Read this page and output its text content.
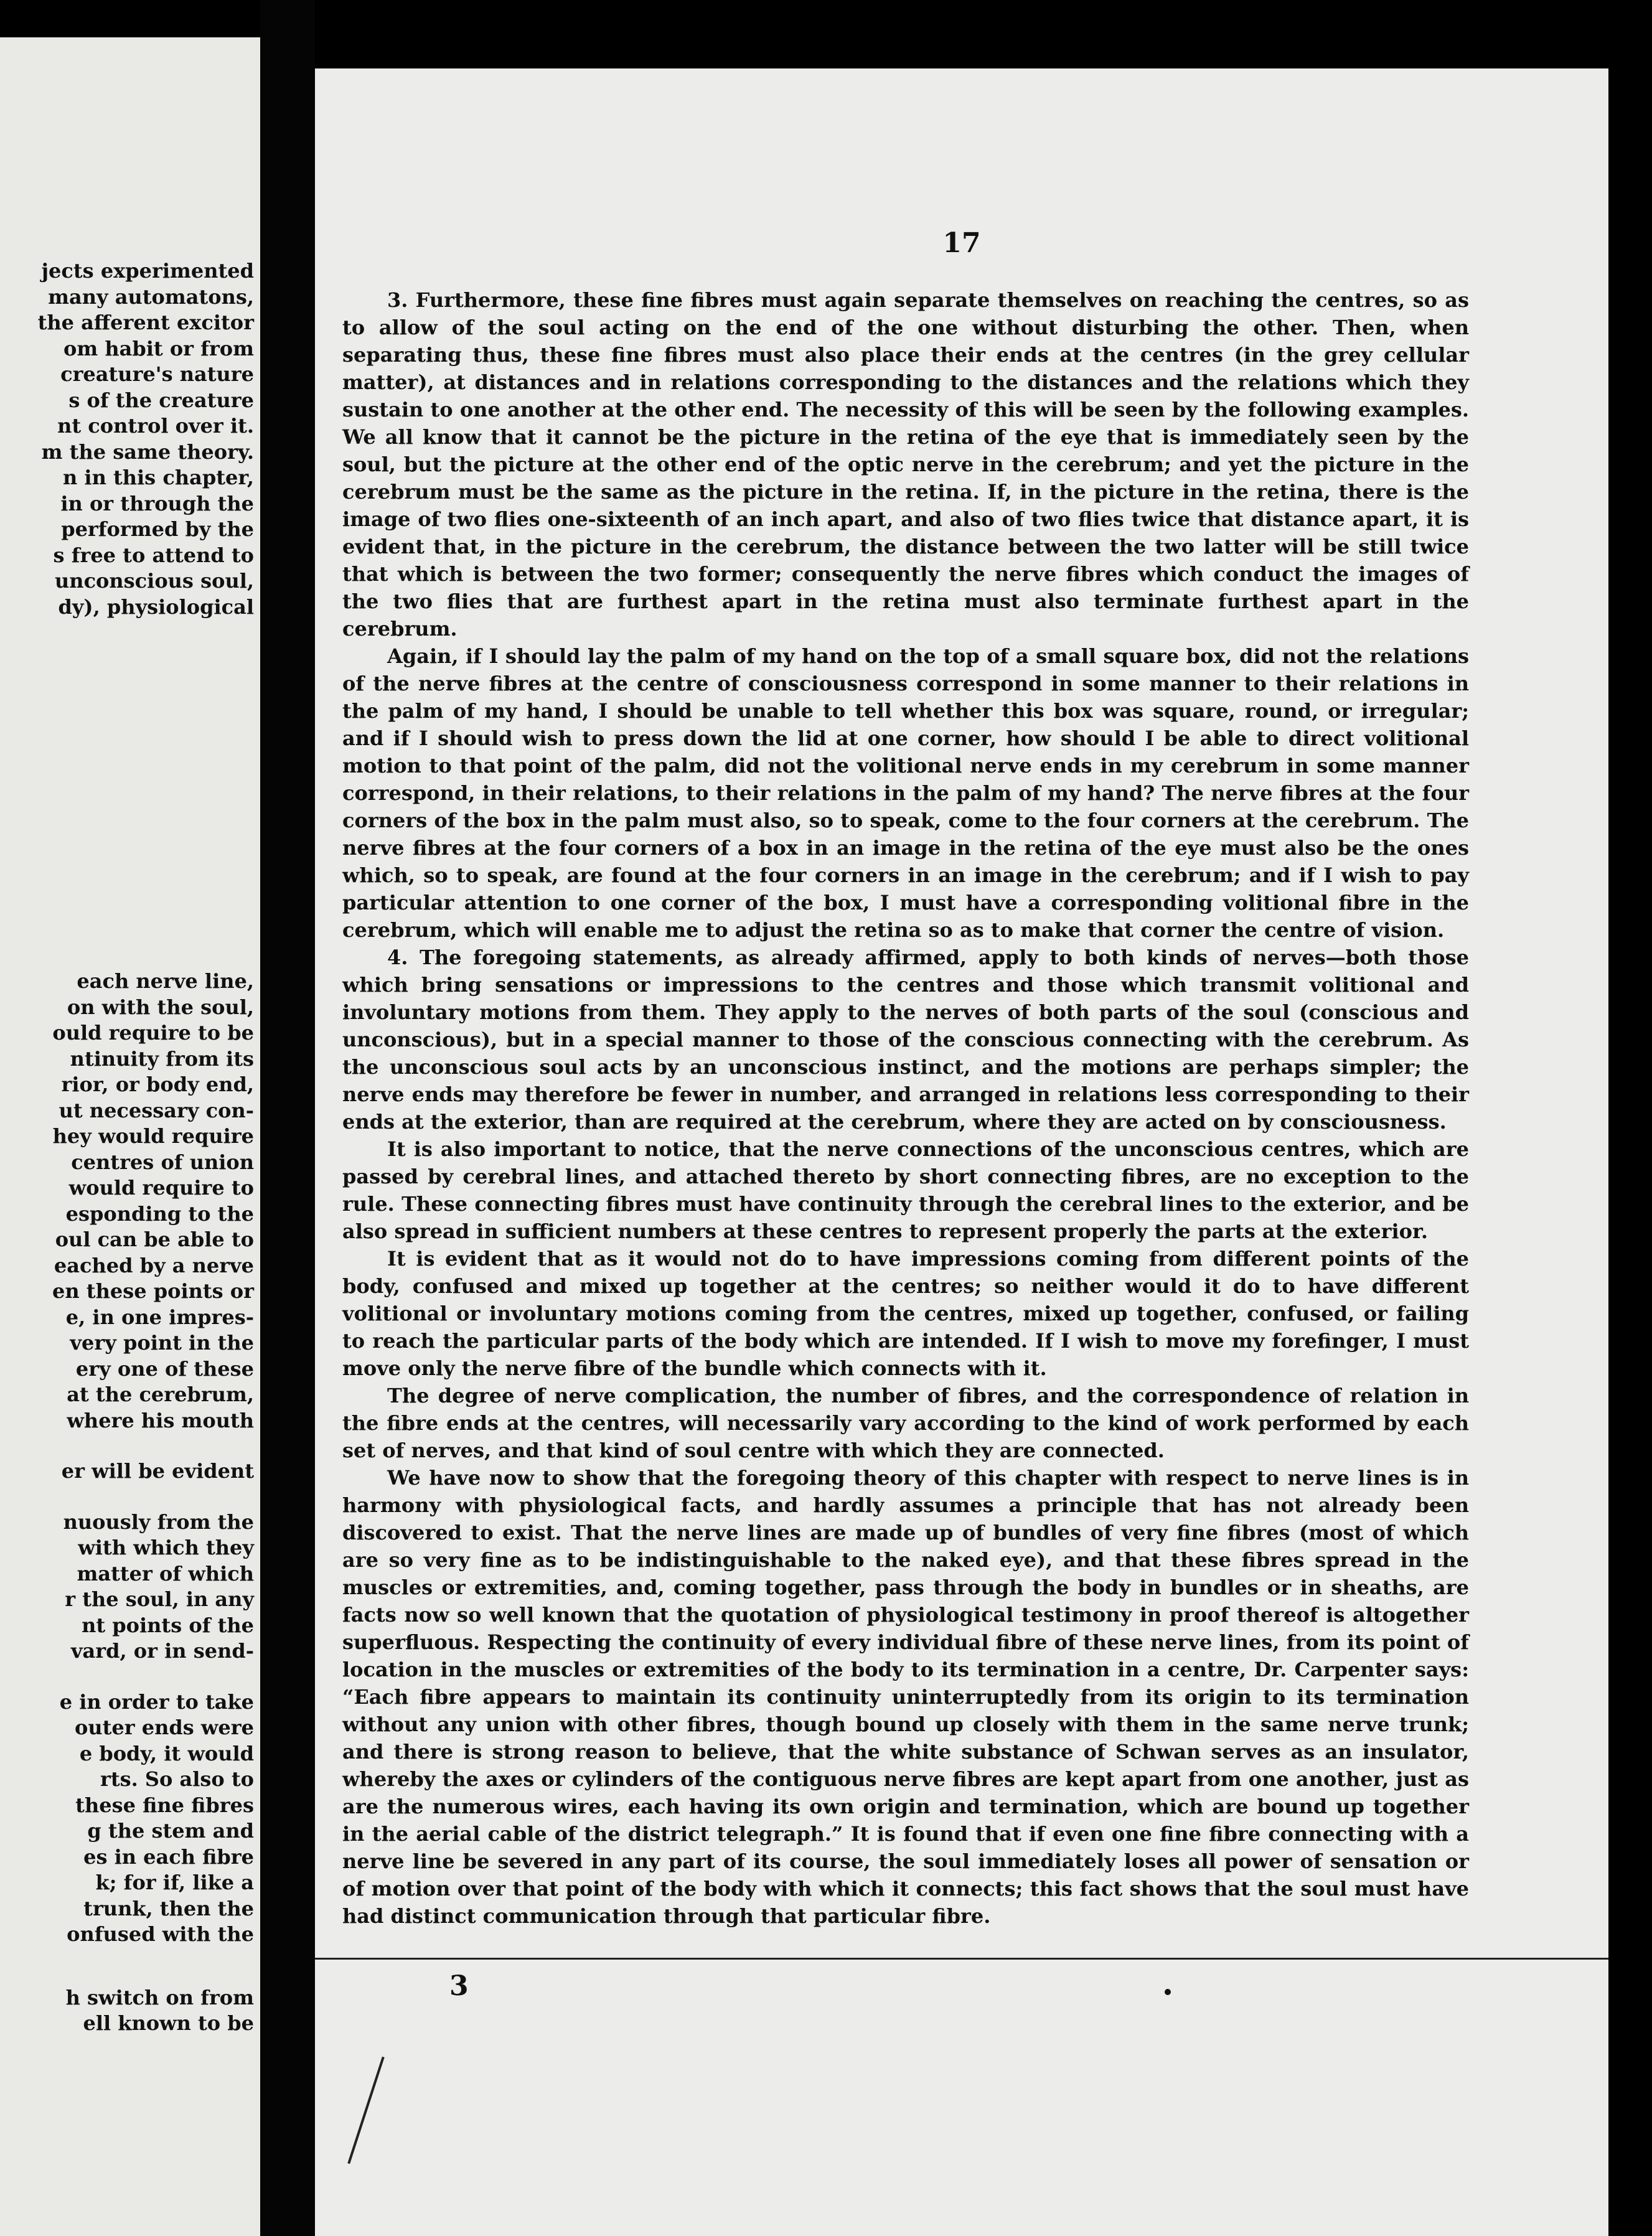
jects experimented
many automatons,
the afferent excitor
om habit or from
creature's nature
s of the creature
nt control over it.
m the same theory.
n in this chapter,
in or through the
performed by the
s free to attend to
unconscious soul,
dy), physiological
each nerve line,
on with the soul,
ould require to be
ntinuity from its
rior, or body end,
ut necessary con-
hey would require
centres of union
would require to
esponding to the
oul can be able to
eached by a nerve
en these points or
e, in one impres-
very point in the
ery one of these
at the cerebrum,
where his mouth
er will be evident
nuously from the
with which they
matter of which
r the soul, in any
nt points of the
vard, or in send-
e in order to take
outer ends were
e body, it would
rts. So also to
these fine fibres
g the stem and
es in each fibre
k; for if, like a
trunk, then the
onfused with the
h switch on from
ell known to be
17

3. Furthermore, these fine fibres must again separate themselves on reaching the centres, so as to allow of the soul acting on the end of the one without disturbing the other. Then, when separating thus, these fine fibres must also place their ends at the centres (in the grey cellular matter), at distances and in relations corresponding to the distances and the relations which they sustain to one another at the other end. The necessity of this will be seen by the following examples. We all know that it cannot be the picture in the retina of the eye that is immediately seen by the soul, but the picture at the other end of the optic nerve in the cerebrum; and yet the picture in the cerebrum must be the same as the picture in the retina. If, in the picture in the retina, there is the image of two flies one-sixteenth of an inch apart, and also of two flies twice that distance apart, it is evident that, in the picture in the cerebrum, the distance between the two latter will be still twice that which is between the two former; consequently the nerve fibres which conduct the images of the two flies that are furthest apart in the retina must also terminate furthest apart in the cerebrum.

Again, if I should lay the palm of my hand on the top of a small square box, did not the relations of the nerve fibres at the centre of consciousness correspond in some manner to their relations in the palm of my hand, I should be unable to tell whether this box was square, round, or irregular; and if I should wish to press down the lid at one corner, how should I be able to direct volitional motion to that point of the palm, did not the volitional nerve ends in my cerebrum in some manner correspond, in their relations, to their relations in the palm of my hand? The nerve fibres at the four corners of the box in the palm must also, so to speak, come to the four corners at the cerebrum. The nerve fibres at the four corners of a box in an image in the retina of the eye must also be the ones which, so to speak, are found at the four corners in an image in the cerebrum; and if I wish to pay particular attention to one corner of the box, I must have a corresponding volitional fibre in the cerebrum, which will enable me to adjust the retina so as to make that corner the centre of vision.

4. The foregoing statements, as already affirmed, apply to both kinds of nerves—both those which bring sensations or impressions to the centres and those which transmit volitional and involuntary motions from them. They apply to the nerves of both parts of the soul (conscious and unconscious), but in a special manner to those of the conscious connecting with the cerebrum. As the unconscious soul acts by an unconscious instinct, and the motions are perhaps simpler; the nerve ends may therefore be fewer in number, and arranged in relations less corresponding to their ends at the exterior, than are required at the cerebrum, where they are acted on by consciousness.

It is also important to notice, that the nerve connections of the unconscious centres, which are passed by cerebral lines, and attached thereto by short connecting fibres, are no exception to the rule. These connecting fibres must have continuity through the cerebral lines to the exterior, and be also spread in sufficient numbers at these centres to represent properly the parts at the exterior.

It is evident that as it would not do to have impressions coming from different points of the body, confused and mixed up together at the centres; so neither would it do to have different volitional or involuntary motions coming from the centres, mixed up together, confused, or failing to reach the particular parts of the body which are intended. If I wish to move my forefinger, I must move only the nerve fibre of the bundle which connects with it.

The degree of nerve complication, the number of fibres, and the correspondence of relation in the fibre ends at the centres, will necessarily vary according to the kind of work performed by each set of nerves, and that kind of soul centre with which they are connected.

We have now to show that the foregoing theory of this chapter with respect to nerve lines is in harmony with physiological facts, and hardly assumes a principle that has not already been discovered to exist. That the nerve lines are made up of bundles of very fine fibres (most of which are so very fine as to be indistinguishable to the naked eye), and that these fibres spread in the muscles or extremities, and, coming together, pass through the body in bundles or in sheaths, are facts now so well known that the quotation of physiological testimony in proof thereof is altogether superfluous. Respecting the continuity of every individual fibre of these nerve lines, from its point of location in the muscles or extremities of the body to its termination in a centre, Dr. Carpenter says: “Each fibre appears to maintain its continuity uninterruptedly from its origin to its termination without any union with other fibres, though bound up closely with them in the same nerve trunk; and there is strong reason to believe, that the white substance of Schwan serves as an insulator, whereby the axes or cylinders of the contiguous nerve fibres are kept apart from one another, just as are the numerous wires, each having its own origin and termination, which are bound up together in the aerial cable of the district telegraph.” It is found that if even one fine fibre connecting with a nerve line be severed in any part of its course, the soul immediately loses all power of sensation or of motion over that point of the body with which it connects; this fact shows that the soul must have had distinct communication through that particular fibre.

3
